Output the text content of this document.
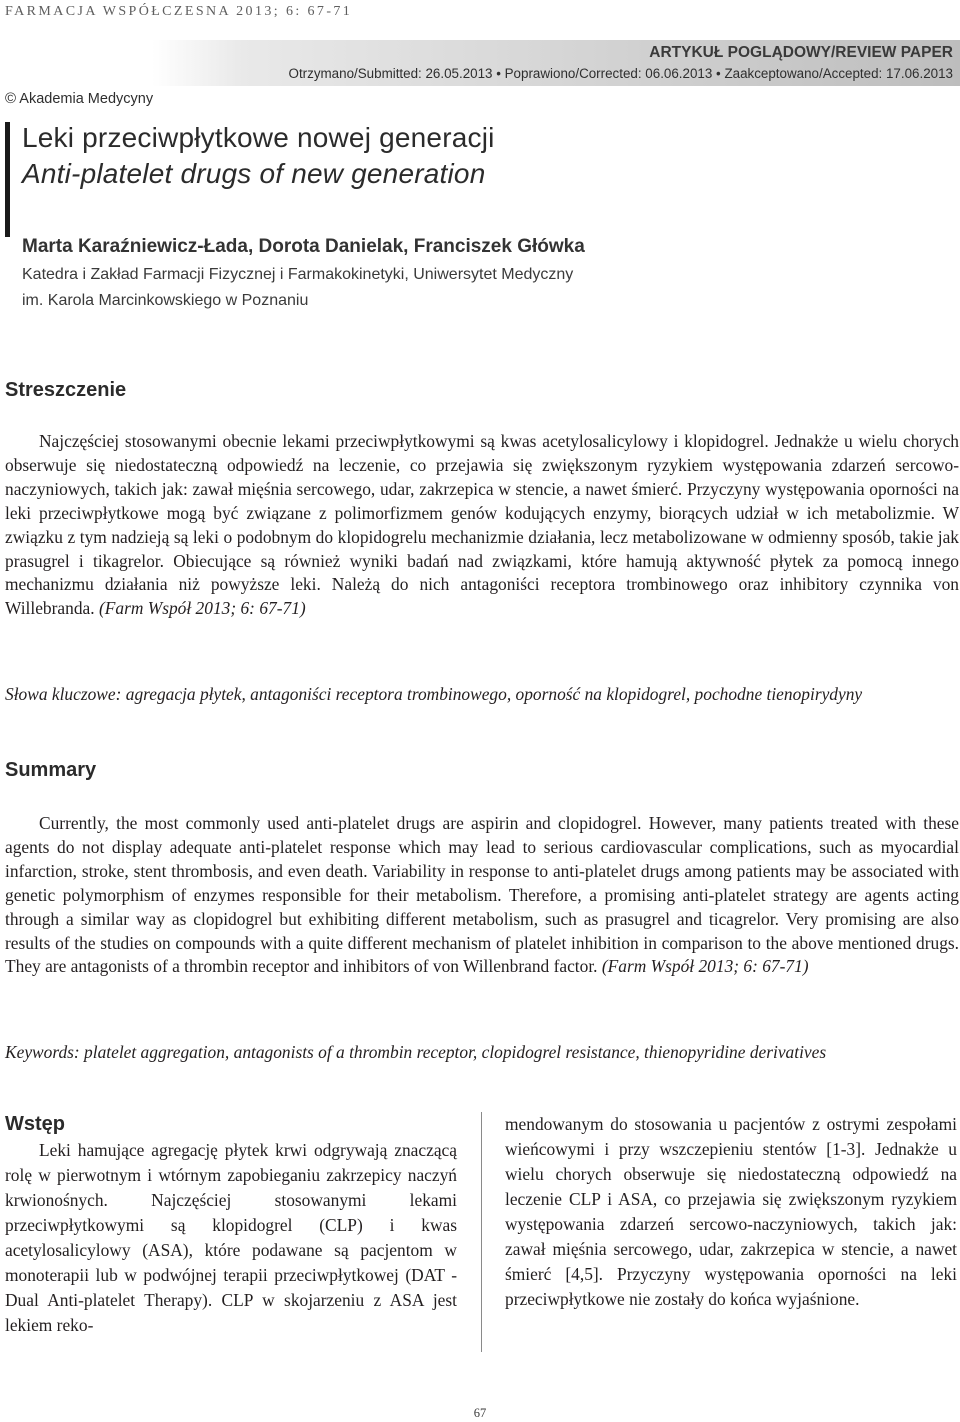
FARMACJA WSPÓŁCZESNA 2013; 6: 67-71
ARTYKUŁ POGLĄDOWY/REVIEW PAPER
Otrzymano/Submitted: 26.05.2013 • Poprawiono/Corrected: 06.06.2013 • Zaakceptowano/Accepted: 17.06.2013
© Akademia Medycyny
Leki przeciwpłytkowe nowej generacji
Anti-platelet drugs of new generation
Marta Karaźniewicz-Łada, Dorota Danielak, Franciszek Główka
Katedra i Zakład Farmacji Fizycznej i Farmakokinetyki, Uniwersytet Medyczny
im. Karola Marcinkowskiego w Poznaniu
Streszczenie
Najczęściej stosowanymi obecnie lekami przeciwpłytkowymi są kwas acetylosalicylowy i klopidogrel. Jednakże u wielu chorych obserwuje się niedostateczną odpowiedź na leczenie, co przejawia się zwiększonym ryzykiem występowania zdarzeń sercowo-naczyniowych, takich jak: zawał mięśnia sercowego, udar, zakrzepica w stencie, a nawet śmierć. Przyczyny występowania oporności na leki przeciwpłytkowe mogą być związane z polimorfizmem genów kodujących enzymy, biorących udział w ich metabolizmie. W związku z tym nadzieją są leki o podobnym do klopidogrelu mechanizmie działania, lecz metabolizowane w odmienny sposób, takie jak prasugrel i tikagrelor. Obiecujące są również wyniki badań nad związkami, które hamują aktywność płytek za pomocą innego mechanizmu działania niż powyższe leki. Należą do nich antagoniści receptora trombinowego oraz inhibitory czynnika von Willebranda. (Farm Współ 2013; 6: 67-71)
Słowa kluczowe: agregacja płytek, antagoniści receptora trombinowego, oporność na klopidogrel, pochodne tienopirydyny
Summary
Currently, the most commonly used anti-platelet drugs are aspirin and clopidogrel. However, many patients treated with these agents do not display adequate anti-platelet response which may lead to serious cardiovascular complications, such as myocardial infarction, stroke, stent thrombosis, and even death. Variability in response to anti-platelet drugs among patients may be associated with genetic polymorphism of enzymes responsible for their metabolism. Therefore, a promising anti-platelet strategy are agents acting through a similar way as clopidogrel but exhibiting different metabolism, such as prasugrel and ticagrelor. Very promising are also results of the studies on compounds with a quite different mechanism of platelet inhibition in comparison to the above mentioned drugs. They are antagonists of a thrombin receptor and inhibitors of von Willenbrand factor. (Farm Współ 2013; 6: 67-71)
Keywords: platelet aggregation, antagonists of a thrombin receptor, clopidogrel resistance, thienopyridine derivatives
Wstęp
Leki hamujące agregację płytek krwi odgrywają znaczącą rolę w pierwotnym i wtórnym zapobieganiu zakrzepicy naczyń krwionośnych. Najczęściej stosowanymi lekami przeciwpłytkowymi są klopidogrel (CLP) i kwas acetylosalicylowy (ASA), które podawane są pacjentom w monoterapii lub w podwójnej terapii przeciwpłytkowej (DAT - Dual Anti-platelet Therapy). CLP w skojarzeniu z ASA jest lekiem reko-
mendowanym do stosowania u pacjentów z ostrymi zespołami wieńcowymi i przy wszczepieniu stentów [1-3]. Jednakże u wielu chorych obserwuje się niedostateczną odpowiedź na leczenie CLP i ASA, co przejawia się zwiększonym ryzykiem występowania zdarzeń sercowo-naczyniowych, takich jak: zawał mięśnia sercowego, udar, zakrzepica w stencie, a nawet śmierć [4,5]. Przyczyny występowania oporności na leki przeciwpłytkowe nie zostały do końca wyjaśnione.
67
